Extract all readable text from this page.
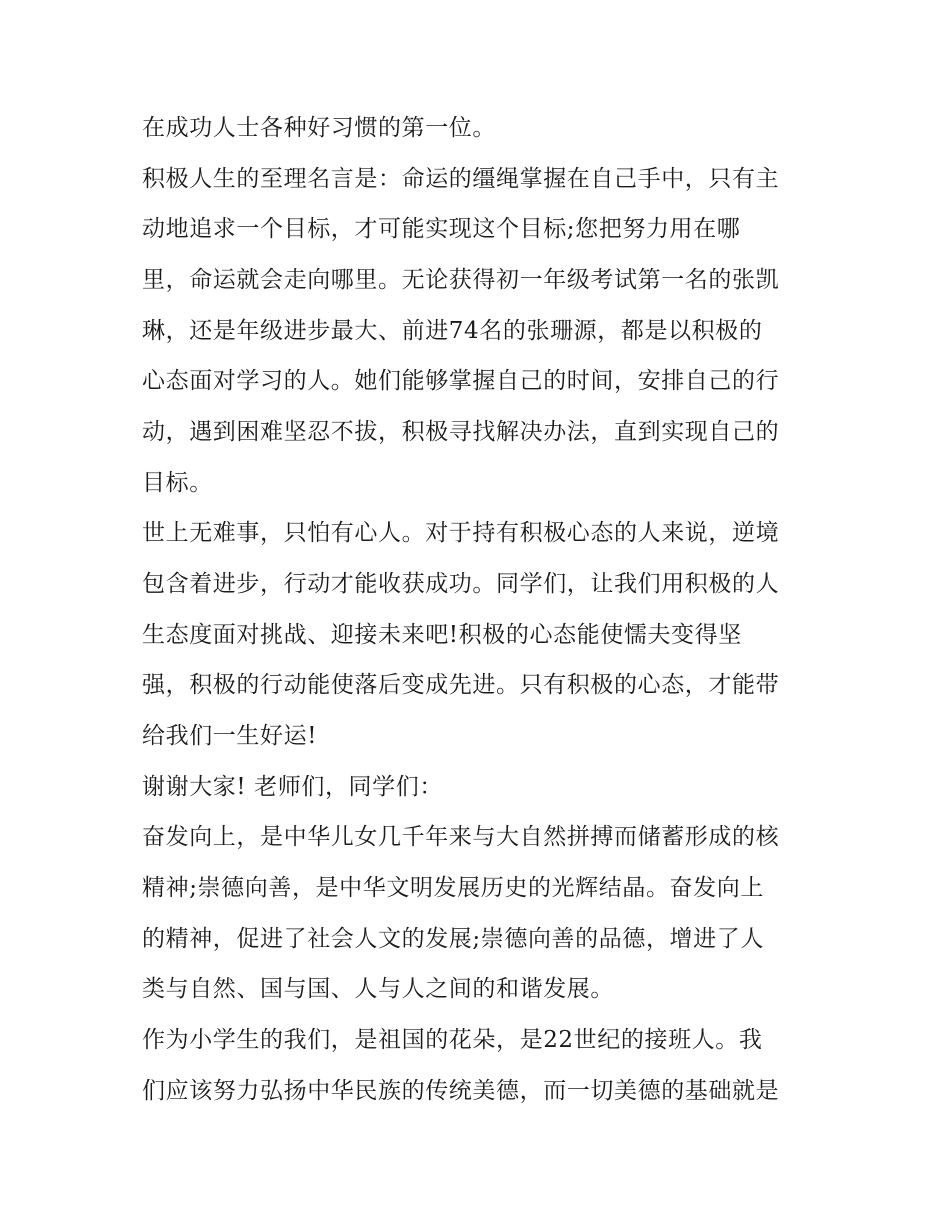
在成功人士各种好习惯的第一位。
积极人生的至理名言是：命运的缰绳掌握在自己手中，只有主
动地追求一个目标，才可能实现这个目标;您把努力用在哪
里，命运就会走向哪里。无论获得初一年级考试第一名的张凯
琳，还是年级进步最大、前进74名的张珊源，都是以积极的
心态面对学习的人。她们能够掌握自己的时间，安排自己的行
动，遇到困难坚忍不拔，积极寻找解决办法，直到实现自己的
目标。
世上无难事，只怕有心人。对于持有积极心态的人来说，逆境
包含着进步，行动才能收获成功。同学们，让我们用积极的人
生态度面对挑战、迎接未来吧!积极的心态能使懦夫变得坚
强，积极的行动能使落后变成先进。只有积极的心态，才能带
给我们一生好运!
谢谢大家! 老师们，同学们：
奋发向上，是中华儿女几千年来与大自然拼搏而储蓄形成的核
精神;崇德向善，是中华文明发展历史的光辉结晶。奋发向上
的精神，促进了社会人文的发展;崇德向善的品德，增进了人
类与自然、国与国、人与人之间的和谐发展。
作为小学生的我们，是祖国的花朵，是22世纪的接班人。我
们应该努力弘扬中华民族的传统美德，而一切美德的基础就是
